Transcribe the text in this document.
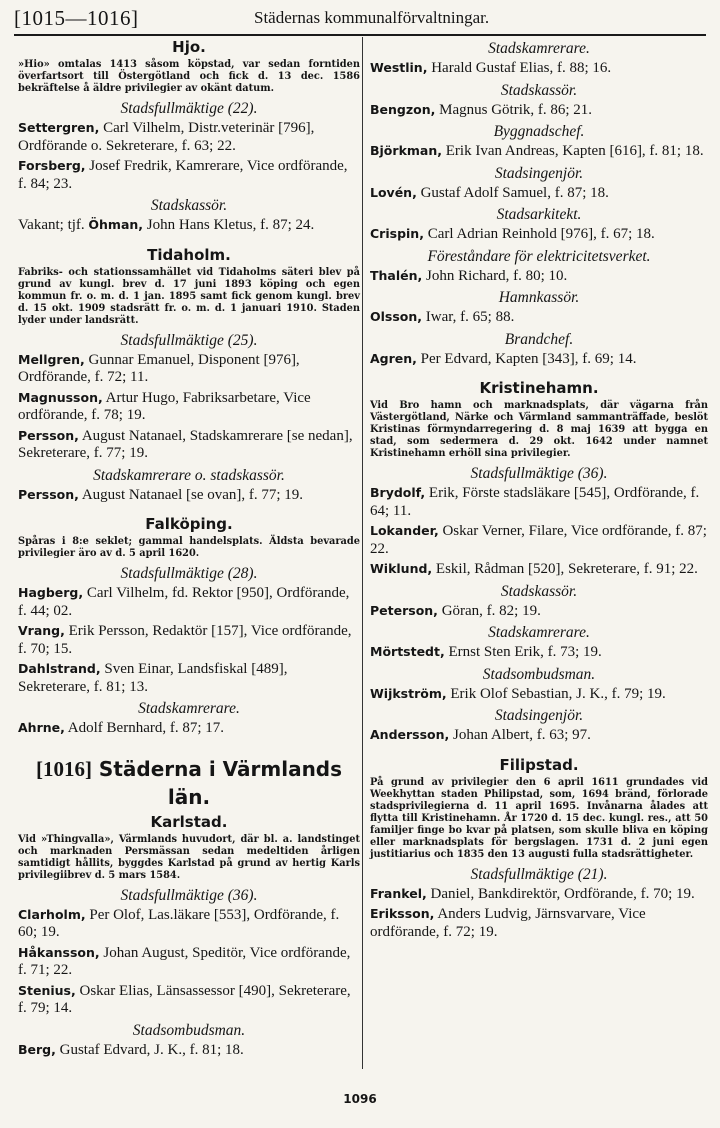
[1015—1016]	Städernas kommunalförvaltningar.

Hjo.

»Hio» omtalas 1413 såsom köpstad, var sedan forntiden överfartsort till Östergötland och fick d. 13 dec. 1586 bekräftelse å äldre privilegier av okänt datum.

Stadsfullmäktige (22).

Settergren, Carl Vilhelm, Distr.veterinär [796], Ordförande o. Sekreterare, f. 63; 22.

Forsberg, Josef Fredrik, Kamrerare, Vice ordförande, f. 84; 23.

Stadskassör.

Vakant; tjf. Öhman, John Hans Kletus, f. 87; 24.

Tidaholm.

Fabriks- och stationssamhället vid Tidaholms säteri blev på grund av kungl. brev d. 17 juni 1893 köping och egen kommun fr. o. m. d. 1 jan. 1895 samt fick genom kungl. brev d. 15 okt. 1909 stadsrätt fr. o. m. d. 1 januari 1910. Staden lyder under landsrätt.

Stadsfullmäktige (25).

Mellgren, Gunnar Emanuel, Disponent [976], Ordförande, f. 72; 11.

Magnusson, Artur Hugo, Fabriksarbetare, Vice ordförande, f. 78; 19.

Persson, August Natanael, Stadskamrerare [se nedan], Sekreterare, f. 77; 19.

Stadskamrerare o. stadskassör.

Persson, August Natanael [se ovan], f. 77; 19.

Falköping.

Spåras i 8:e seklet; gammal handelsplats. Äldsta bevarade privilegier äro av d. 5 april 1620.

Stadsfullmäktige (28).

Hagberg, Carl Vilhelm, fd. Rektor [950], Ordförande, f. 44; 02.

Vrang, Erik Persson, Redaktör [157], Vice ordförande, f. 70; 15.

Dahlstrand, Sven Einar, Landsfiskal [489], Sekreterare, f. 81; 13.

Stadskamrerare.

Ahrne, Adolf Bernhard, f. 87; 17.

[1016] Städerna i Värmlands län.

Karlstad.

Vid »Thingvalla», Värmlands huvudort, där bl. a. landstinget och marknaden Persmässan sedan medeltiden årligen samtidigt hållits, byggdes Karlstad på grund av hertig Karls privilegiibrev d. 5 mars 1584.

Stadsfullmäktige (36).

Clarholm, Per Olof, Las.läkare [553], Ordförande, f. 60; 19.

Håkansson, Johan August, Speditör, Vice ordförande, f. 71; 22.

Stenius, Oskar Elias, Länsassessor [490], Sekreterare, f. 79; 14.

Stadsombudsman.

Berg, Gustaf Edvard, J. K., f. 81; 18.

Stadskamrerare.

Westlin, Harald Gustaf Elias, f. 88; 16.

Stadskassör.

Bengzon, Magnus Götrik, f. 86; 21.

Byggnadschef.

Björkman, Erik Ivan Andreas, Kapten [616], f. 81; 18.

Stadsingenjör.

Lovén, Gustaf Adolf Samuel, f. 87; 18.

Stadsarkitekt.

Crispin, Carl Adrian Reinhold [976], f. 67; 18.

Föreståndare för elektricitetsverket.

Thalén, John Richard, f. 80; 10.

Hamnkassör.

Olsson, Iwar, f. 65; 88.

Brandchef.

Agren, Per Edvard, Kapten [343], f. 69; 14.

Kristinehamn.

Vid Bro hamn och marknadsplats, där vägarna från Västergötland, Närke och Värmland sammanträffade, beslöt Kristinas förmyndarregering d. 8 maj 1639 att bygga en stad, som sedermera d. 29 okt. 1642 under namnet Kristinehamn erhöll sina privilegier.

Stadsfullmäktige (36).

Brydolf, Erik, Förste stadsläkare [545], Ordförande, f. 64; 11.

Lokander, Oskar Verner, Filare, Vice ordförande, f. 87; 22.

Wiklund, Eskil, Rådman [520], Sekreterare, f. 91; 22.

Stadskassör.

Peterson, Göran, f. 82; 19.

Stadskamrerare.

Mörtstedt, Ernst Sten Erik, f. 73; 19.

Stadsombudsman.

Wijkström, Erik Olof Sebastian, J. K., f. 79; 19.

Stadsingenjör.

Andersson, Johan Albert, f. 63; 97.

Filipstad.

På grund av privilegier den 6 april 1611 grundades vid Weekhyttan staden Philipstad, som, 1694 bränd, förlorade stadsprivilegierna d. 11 april 1695. Invånarna ålades att flytta till Kristinehamn. År 1720 d. 15 dec. kungl. res., att 50 familjer finge bo kvar på platsen, som skulle bliva en köping eller marknadsplats för bergslagen. 1731 d. 2 juni egen justitiarius och 1835 den 13 augusti fulla stadsrättigheter.

Stadsfullmäktige (21).

Frankel, Daniel, Bankdirektör, Ordförande, f. 70; 19.

Eriksson, Anders Ludvig, Järnsvarvare, Vice ordförande, f. 72; 19.

1096
